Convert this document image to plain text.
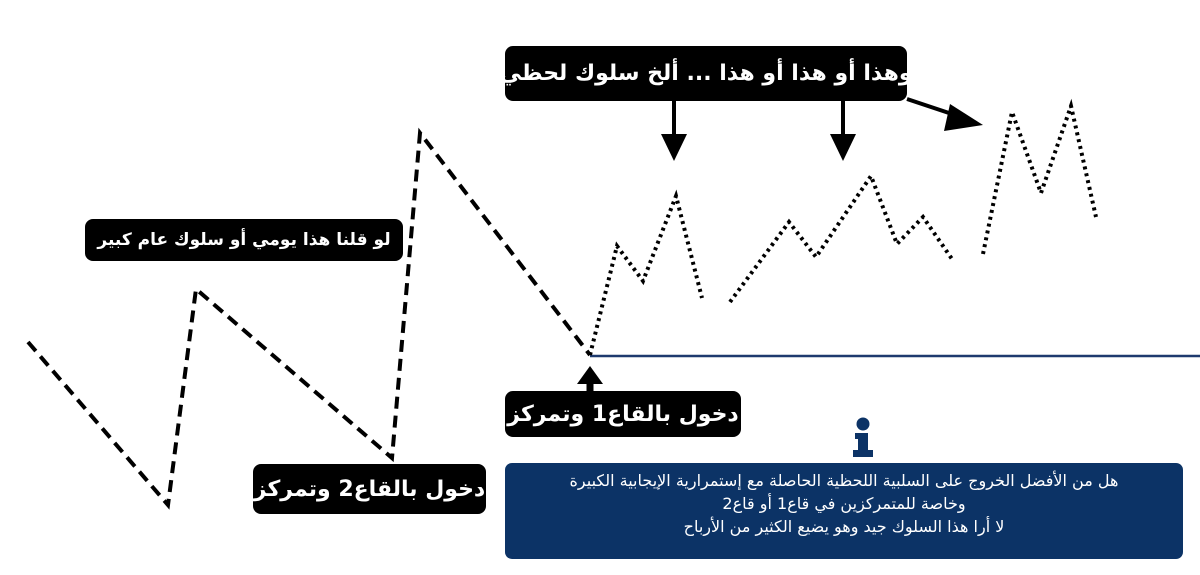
لو قلنا هذا يومي أو سلوك عام كبير
دخول بالقاع2 وتمركز
دخول بالقاع1 وتمركز
وهذا أو هذا أو هذا ... ألخ سلوك لحظي
هل من الأفضل الخروج على السلبية اللحظية الحاصلة مع إستمرارية الإيجابية الكبيرة
وخاصة للمتمركزين في قاع1 أو قاع2
لا أرا هذا السلوك جيد وهو يضيع الكثير من الأرباح
31.96
